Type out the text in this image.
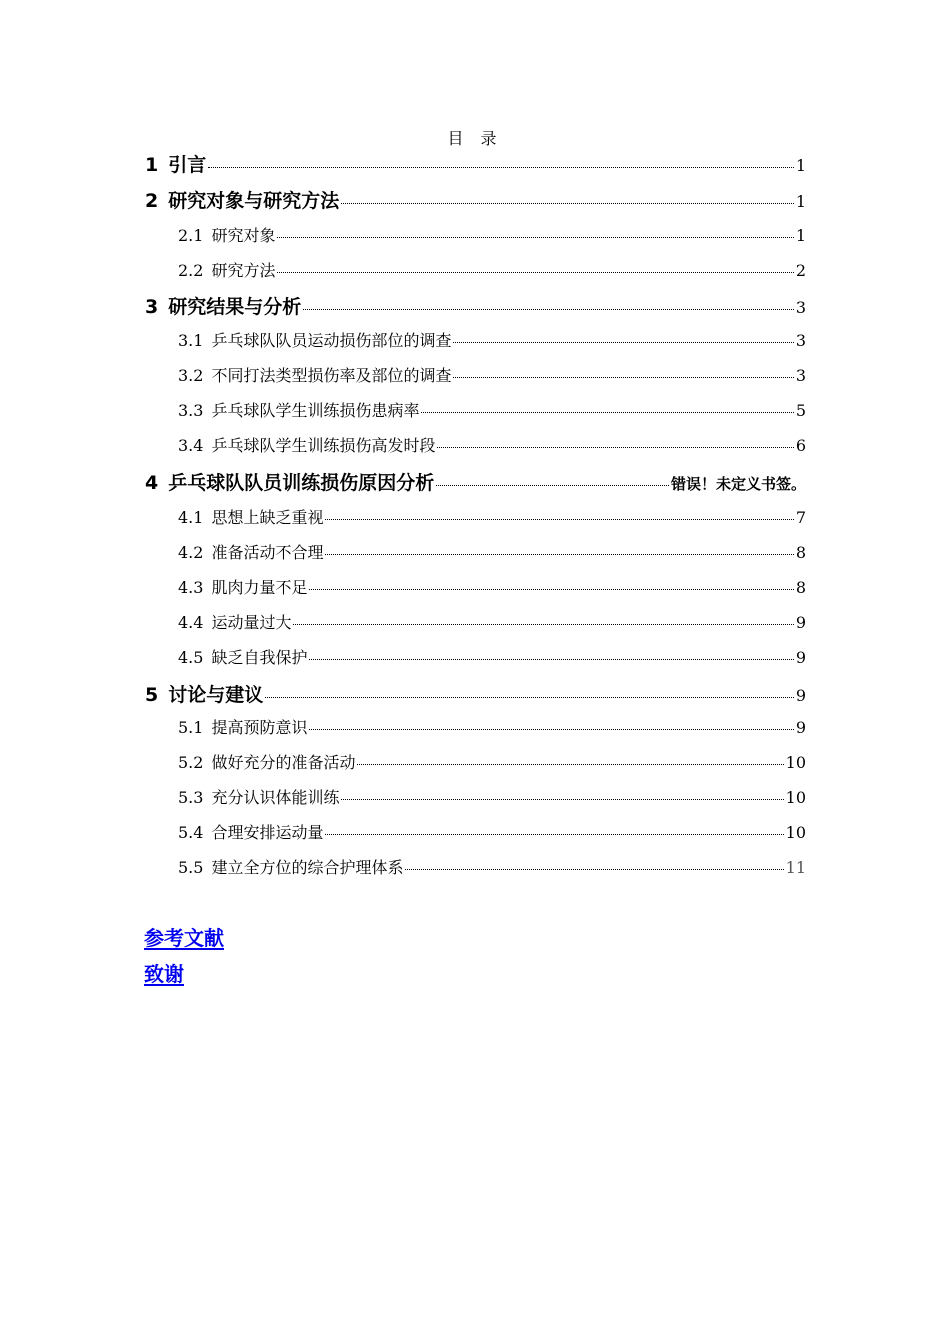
目 录
1 引言	1
2 研究对象与研究方法	1
2.1 研究对象	1
2.2 研究方法	2
3 研究结果与分析	3
3.1 乒乓球队队员运动损伤部位的调查	3
3.2 不同打法类型损伤率及部位的调查	3
3.3 乒乓球队学生训练损伤患病率	5
3.4 乒乓球队学生训练损伤高发时段	6
4 乒乓球队队员训练损伤原因分析	错误！未定义书签。
4.1 思想上缺乏重视	7
4.2 准备活动不合理	8
4.3 肌肉力量不足	8
4.4 运动量过大	9
4.5 缺乏自我保护	9
5 讨论与建议	9
5.1 提高预防意识	9
5.2 做好充分的准备活动	10
5.3 充分认识体能训练	10
5.4 合理安排运动量	10
5.5 建立全方位的综合护理体系	11
参考文献
致谢
